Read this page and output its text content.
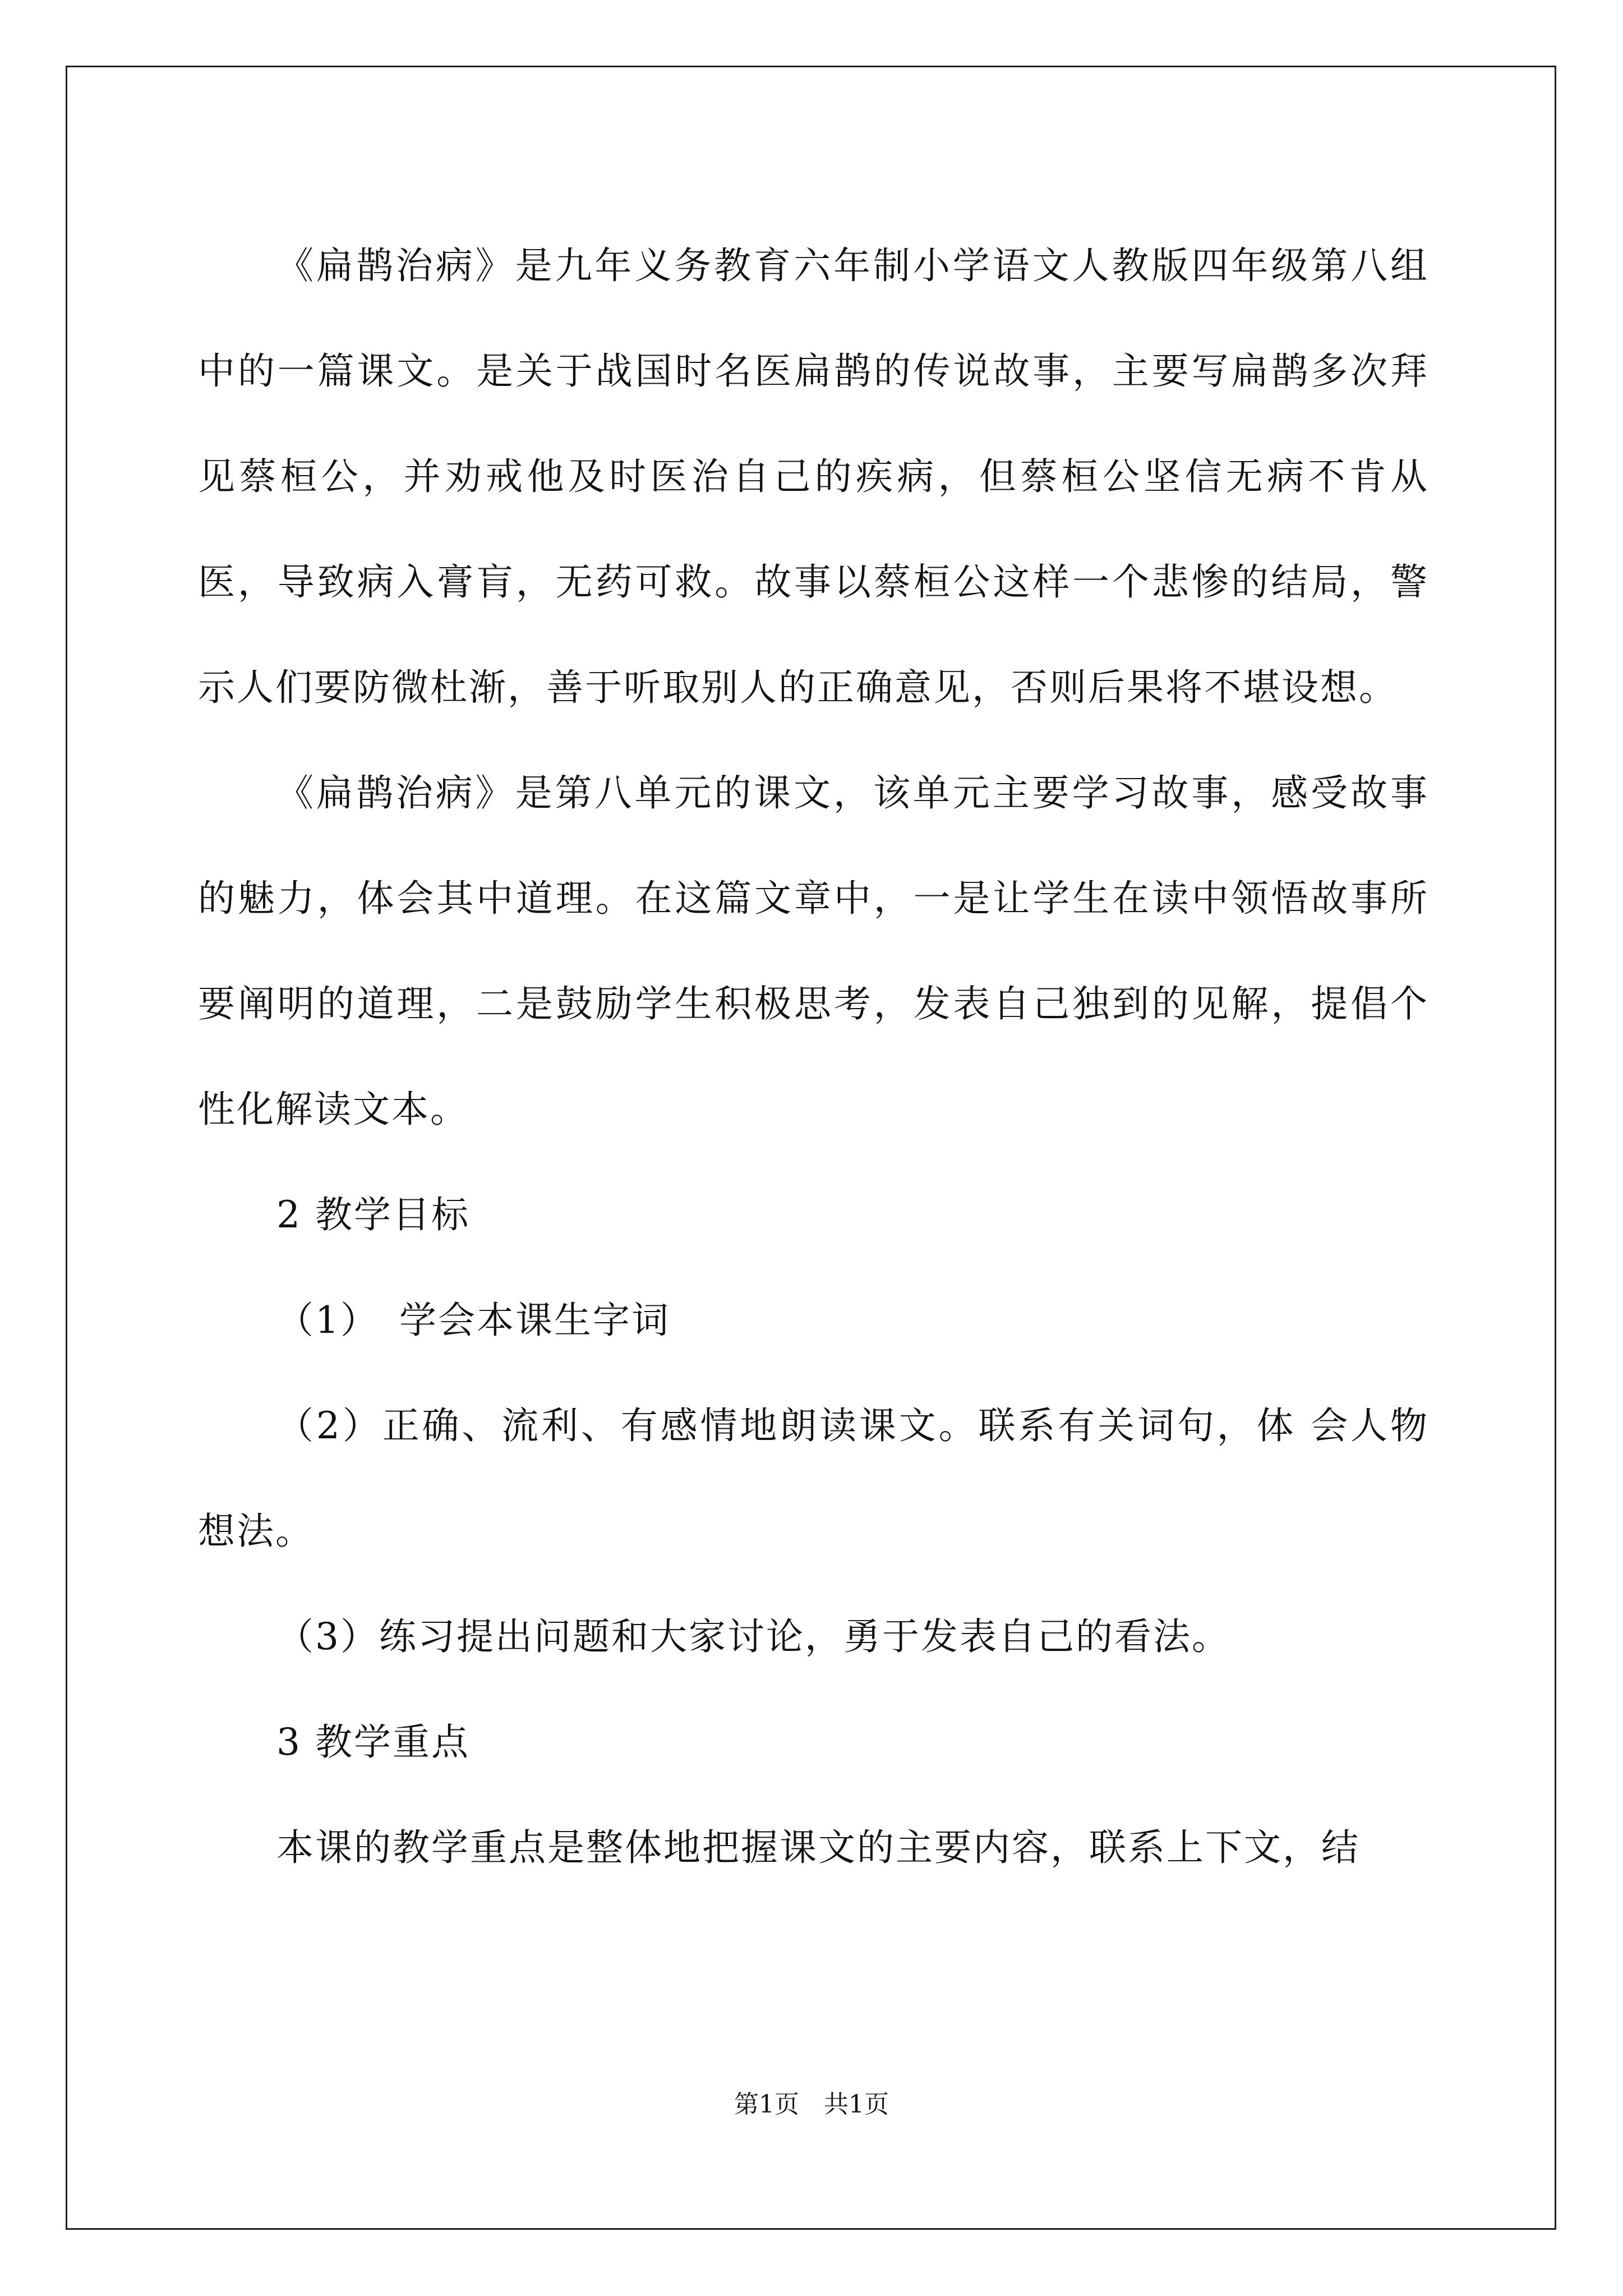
《扁鹊治病》是九年义务教育六年制小学语文人教版四年级第八组中的一篇课文。是关于战国时名医扁鹊的传说故事，主要写扁鹊多次拜见蔡桓公，并劝戒他及时医治自己的疾病，但蔡桓公坚信无病不肯从医，导致病入膏肓，无药可救。故事以蔡桓公这样一个悲惨的结局，警示人们要防微杜渐，善于听取别人的正确意见，否则后果将不堪设想。

《扁鹊治病》是第八单元的课文，该单元主要学习故事，感受故事的魅力，体会其中道理。在这篇文章中，一是让学生在读中领悟故事所要阐明的道理，二是鼓励学生积极思考，发表自己独到的见解，提倡个性化解读文本。

2 教学目标

（1）　学会本课生字词

（2）正确、流利、有感情地朗读课文。联系有关词句，体 会人物想法。

（3）练习提出问题和大家讨论，勇于发表自己的看法。

3 教学重点

本课的教学重点是整体地把握课文的主要内容，联系上下文，结

第1页　共1页
